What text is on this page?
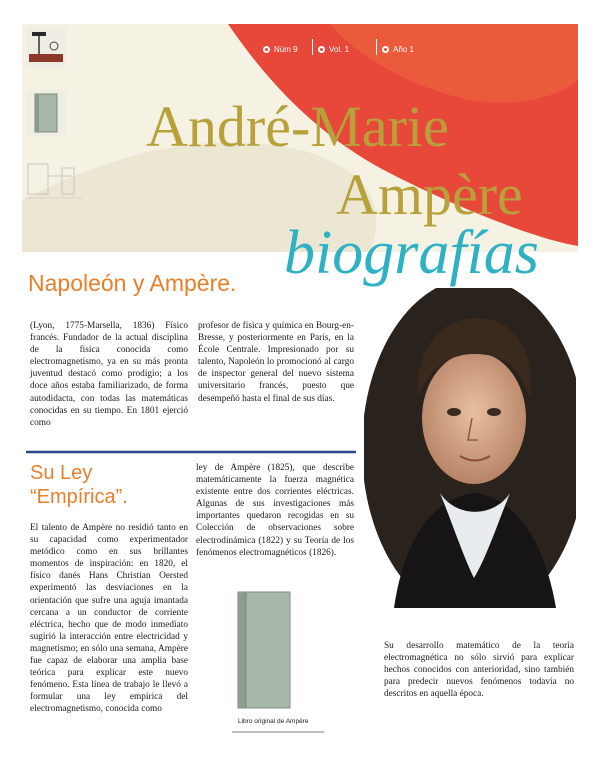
Núm 9	Vol. 1	Año 1
André-Marie
Ampère
biografías
Napoleón y Ampère.

(Lyon, 1775-Marsella, 1836) Físico francés. Fundador de la actual disciplina de la física conocida como electromagnetismo, ya en su más pronta juventud destacó como prodigio; a los doce años estaba familiarizado, de forma autodidacta, con todas las matemáticas conocidas en su tiempo. En 1801 ejerció como

profesor de física y química en Bourg-en-Bresse, y posteriormente en París, en la École Centrale. Impresionado por su talento, Napoleón lo promocionó al cargo de inspector general del nuevo sistema universitario francés, puesto que desempeñó hasta el final de sus días.

Su Ley
“Empírica”.

El talento de Ampère no residió tanto en su capacidad como experimentador metódico como en sus brillantes momentos de inspiración: en 1820, el físico danés Hans Christian Oersted experimentó las desviaciones en la orientación que sufre una aguja imantada cercana a un conductor de corriente eléctrica, hecho que de modo inmediato sugirió la interacción entre electricidad y magnetismo; en sólo una semana, Ampère fue capaz de elaborar una amplia base teórica para explicar este nuevo fenómeno. Esta línea de trabajo le llevó a formular una ley empírica del electromagnetismo, conocida como

ley de Ampère (1825), que describe matemáticamente la fuerza magnética existente entre dos corrientes eléctricas. Algunas de sus investigaciones más importantes quedaron recogidas en su Colección de observaciones sobre electrodinámica (1822) y su Teoría de los fenómenos electromagnéticos (1826).

Libro original de Ampère

Su desarrollo matemático de la teoría electromagnética no sólo sirvió para explicar hechos conocidos con anterioridad, sino también para predecir nuevos fenómenos todavía no descritos en aquella época.
